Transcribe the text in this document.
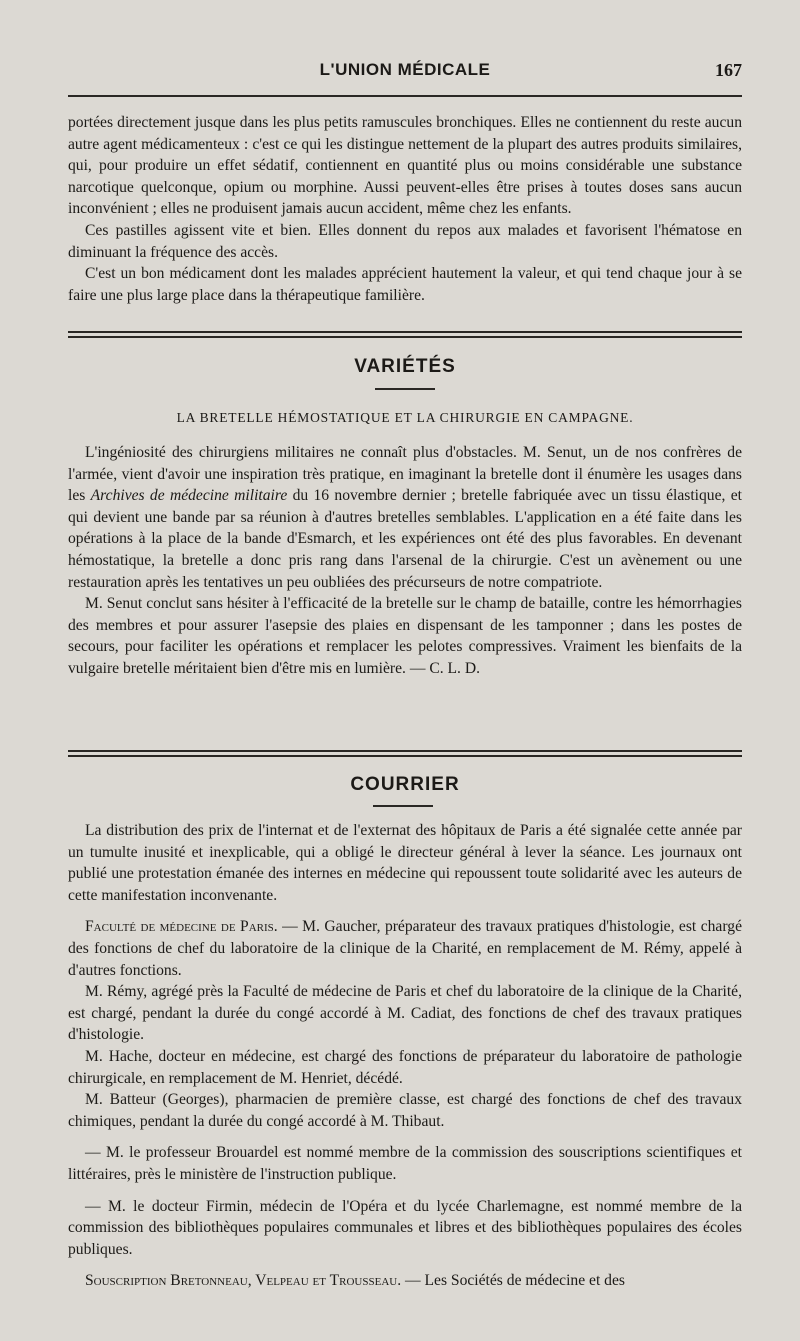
L'UNION MÉDICALE	167

portées directement jusque dans les plus petits ramuscules bronchiques. Elles ne contiennent du reste aucun autre agent médicamenteux : c'est ce qui les distingue nettement de la plupart des autres produits similaires, qui, pour produire un effet sédatif, contiennent en quantité plus ou moins considérable une substance narcotique quelconque, opium ou morphine. Aussi peuvent-elles être prises à toutes doses sans aucun inconvénient ; elles ne produisent jamais aucun accident, même chez les enfants.

Ces pastilles agissent vite et bien. Elles donnent du repos aux malades et favorisent l'hématose en diminuant la fréquence des accès.

C'est un bon médicament dont les malades apprécient hautement la valeur, et qui tend chaque jour à se faire une plus large place dans la thérapeutique familière.

VARIÉTÉS
LA BRETELLE HÉMOSTATIQUE ET LA CHIRURGIE EN CAMPAGNE.

L'ingéniosité des chirurgiens militaires ne connaît plus d'obstacles. M. Senut, un de nos confrères de l'armée, vient d'avoir une inspiration très pratique, en imaginant la bretelle dont il énumère les usages dans les Archives de médecine militaire du 16 novembre dernier ; bretelle fabriquée avec un tissu élastique, et qui devient une bande par sa réunion à d'autres bretelles semblables. L'application en a été faite dans les opérations à la place de la bande d'Esmarch, et les expériences ont été des plus favorables. En devenant hémostatique, la bretelle a donc pris rang dans l'arsenal de la chirurgie. C'est un avènement ou une restauration après les tentatives un peu oubliées des précurseurs de notre compatriote.

M. Senut conclut sans hésiter à l'efficacité de la bretelle sur le champ de bataille, contre les hémorrhagies des membres et pour assurer l'asepsie des plaies en dispensant de les tamponner ; dans les postes de secours, pour faciliter les opérations et remplacer les pelotes compressives. Vraiment les bienfaits de la vulgaire bretelle méritaient bien d'être mis en lumière. — C. L. D.

COURRIER

La distribution des prix de l'internat et de l'externat des hôpitaux de Paris a été signalée cette année par un tumulte inusité et inexplicable, qui a obligé le directeur général à lever la séance. Les journaux ont publié une protestation émanée des internes en médecine qui repoussent toute solidarité avec les auteurs de cette manifestation inconvenante.

Faculté de médecine de Paris. — M. Gaucher, préparateur des travaux pratiques d'histologie, est chargé des fonctions de chef du laboratoire de la clinique de la Charité, en remplacement de M. Rémy, appelé à d'autres fonctions.

M. Rémy, agrégé près la Faculté de médecine de Paris et chef du laboratoire de la clinique de la Charité, est chargé, pendant la durée du congé accordé à M. Cadiat, des fonctions de chef des travaux pratiques d'histologie.

M. Hache, docteur en médecine, est chargé des fonctions de préparateur du laboratoire de pathologie chirurgicale, en remplacement de M. Henriet, décédé.

M. Batteur (Georges), pharmacien de première classe, est chargé des fonctions de chef des travaux chimiques, pendant la durée du congé accordé à M. Thibaut.

— M. le professeur Brouardel est nommé membre de la commission des souscriptions scientifiques et littéraires, près le ministère de l'instruction publique.

— M. le docteur Firmin, médecin de l'Opéra et du lycée Charlemagne, est nommé membre de la commission des bibliothèques populaires communales et libres et des bibliothèques populaires des écoles publiques.

Souscription Bretonneau, Velpeau et Trousseau. — Les Sociétés de médecine et des
